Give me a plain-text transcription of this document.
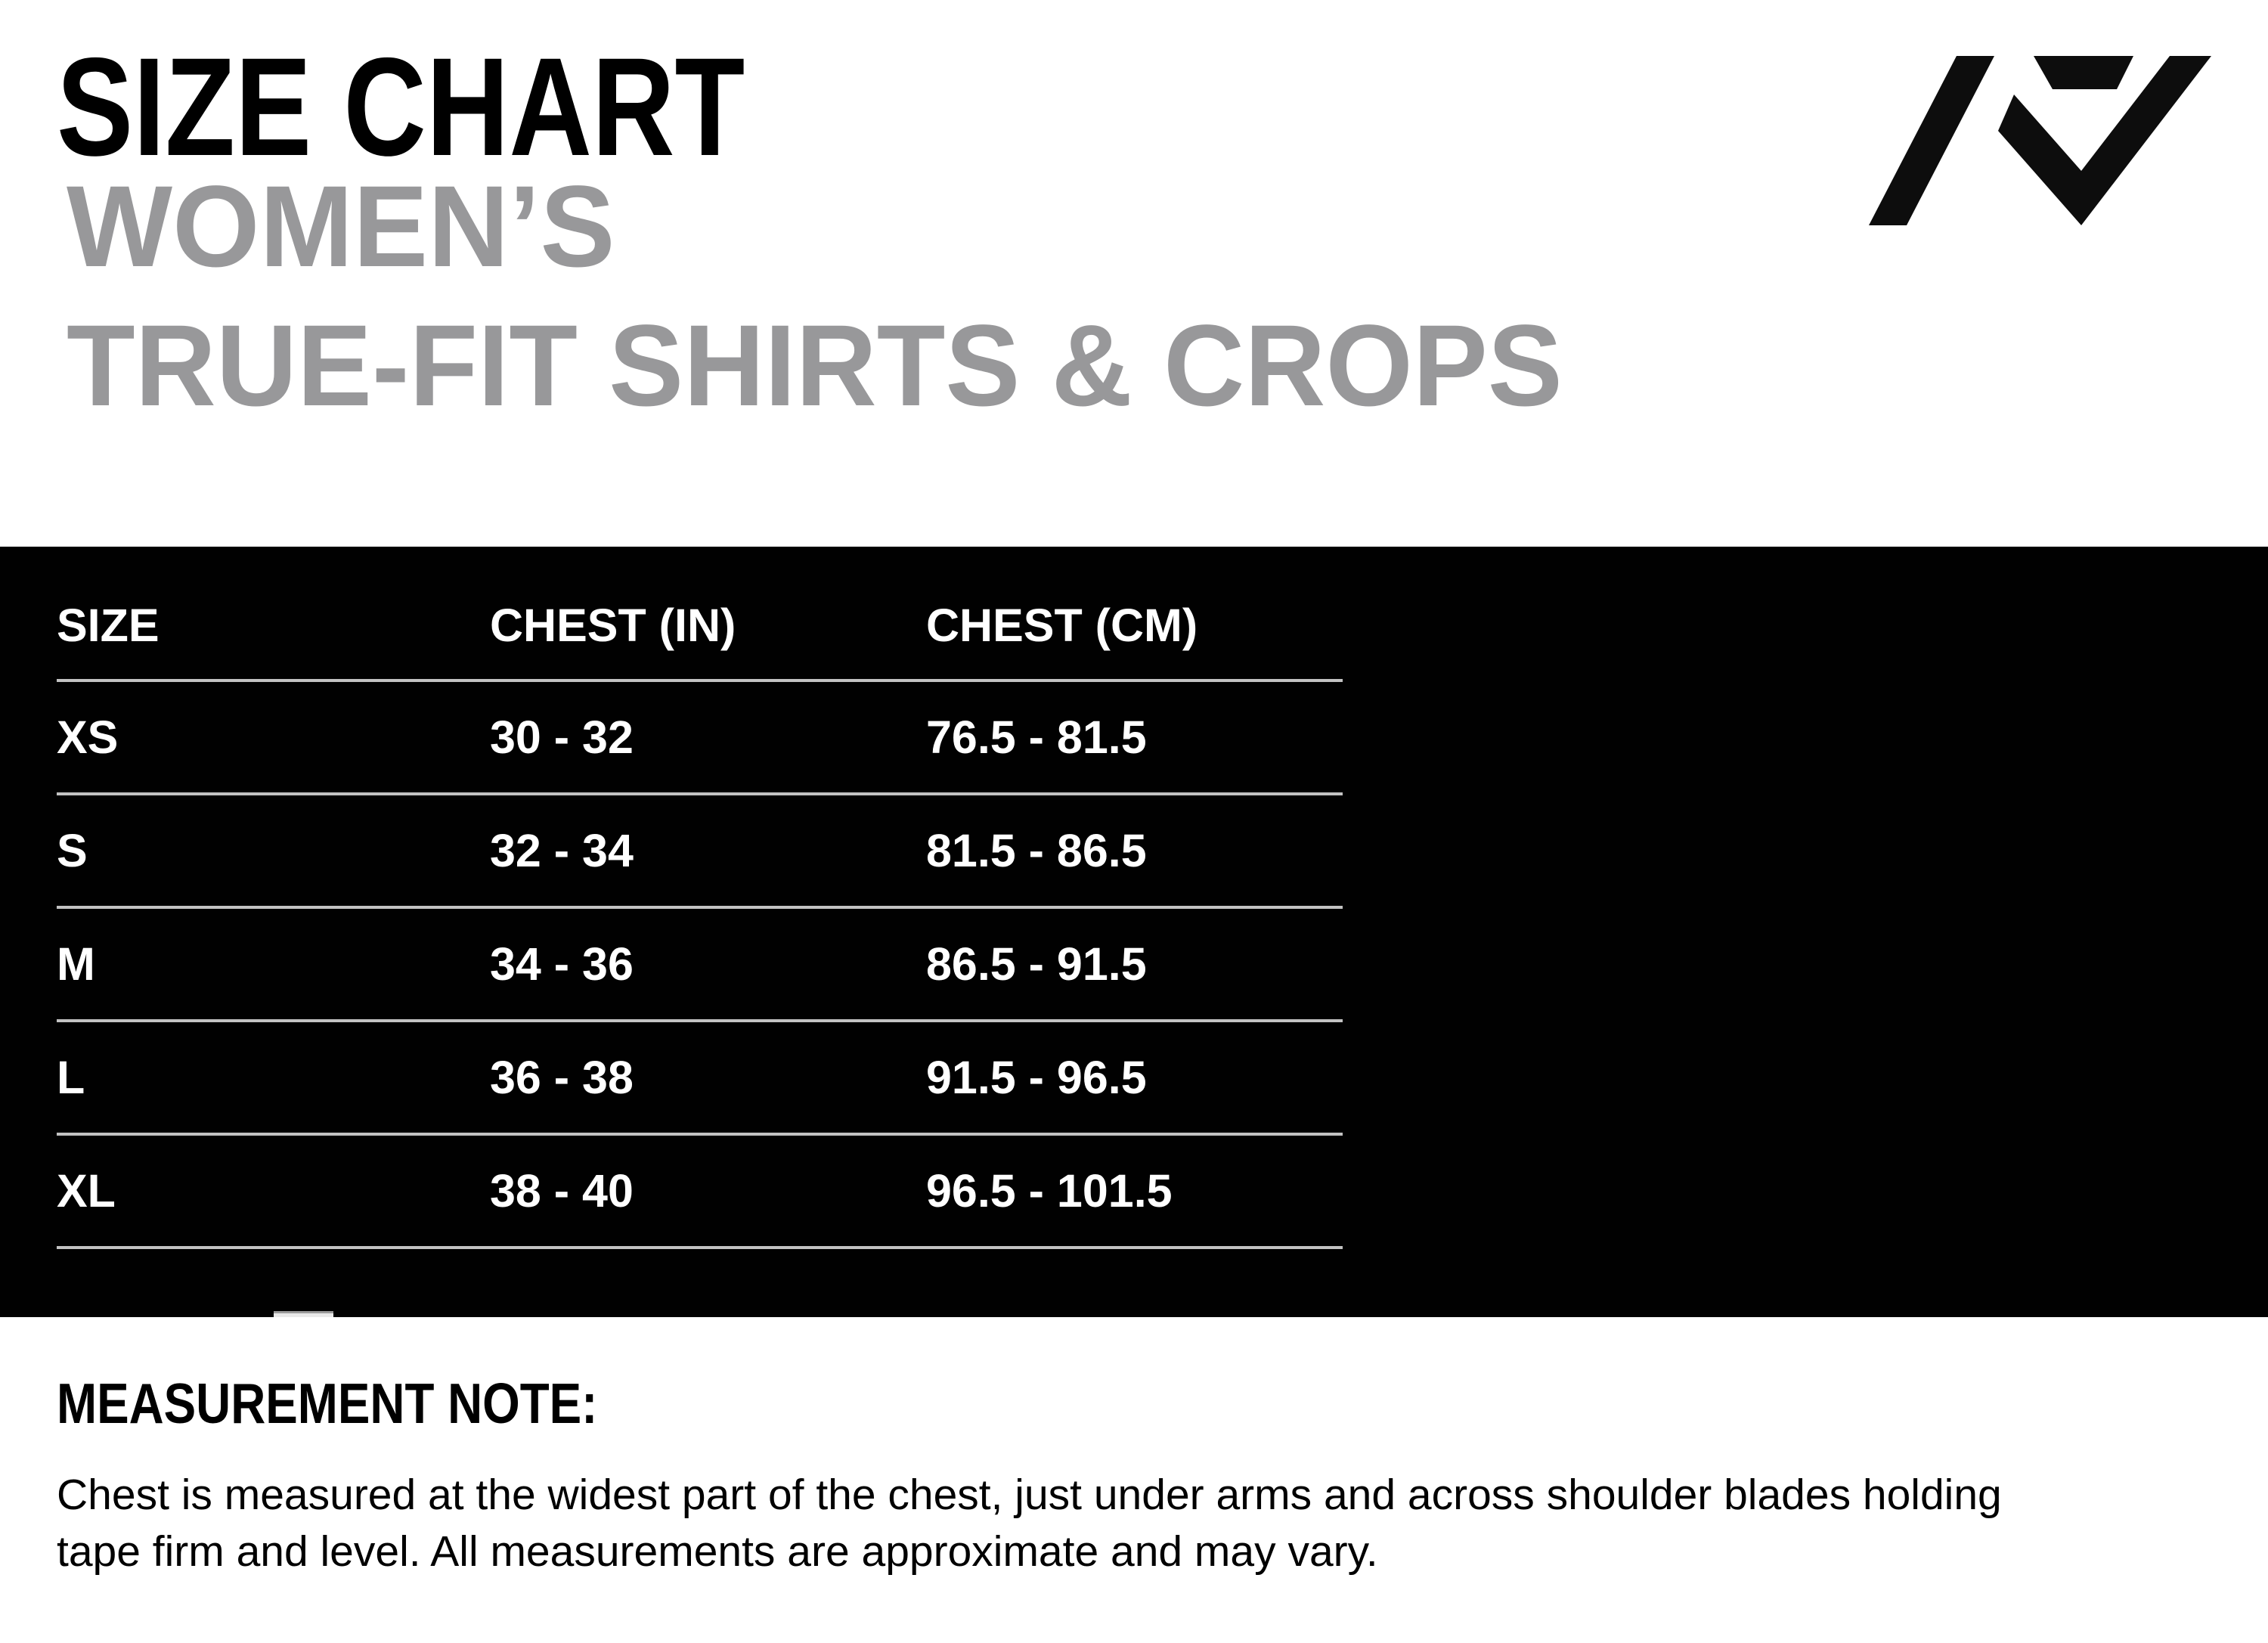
SIZE CHART
WOMEN’S
TRUE-FIT SHIRTS & CROPS
SIZE	CHEST (IN)	CHEST (CM)
XS	30 - 32	76.5 - 81.5
S	32 - 34	81.5 - 86.5
M	34 - 36	86.5 - 91.5
L	36 - 38	91.5 - 96.5
XL	38 - 40	96.5 - 101.5
MEASUREMENT NOTE:
Chest is measured at the widest part of the chest, just under arms and across shoulder blades holding
tape firm and level. All measurements are approximate and may vary.
